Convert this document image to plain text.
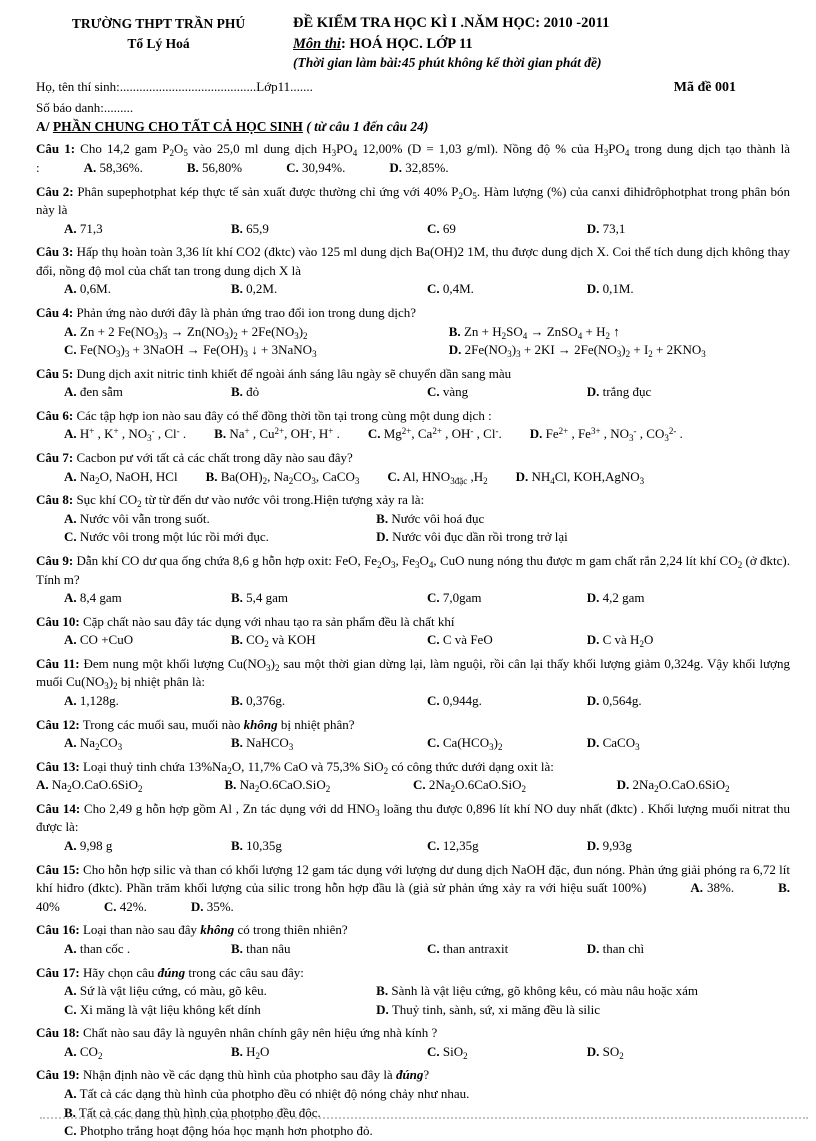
TRƯỜNG THPT TRẦN PHÚ
Tổ Lý Hoá
ĐỀ KIỂM TRA HỌC KÌ I .NĂM HỌC: 2010 -2011
Môn thi: HOÁ HỌC. LỚP 11
(Thời gian làm bài:45 phút không kể thời gian phát đề)
Họ, tên thí sinh:..........................................Lớp11.......	Mã đề 001
Số báo danh:.........
A/ PHẦN CHUNG CHO TẤT CẢ HỌC SINH ( từ câu 1 đến câu 24)
Câu 1: Cho 14,2 gam $P_2O_5$ vào 25,0 ml dung dịch $H_3PO_4$ 12,00% (D = 1,03 g/ml). Nồng độ % của $H_3PO_4$ trong dung dịch tạo thành là :	A. 58,36%.	B. 56,80%	C. 30,94%.	D. 32,85%.
Câu 2: Phân supephotphat kép thực tế sản xuất được thường chỉ ứng với 40% $P_2O_5$. Hàm lượng (%) của canxi đihiđrôphotphat trong phân bón này là
A. 71,3	B. 65,9	C. 69	D. 73,1
Câu 3: Hấp thụ hoàn toàn 3,36 lít khí CO2 (đktc) vào 125 ml dung dịch Ba(OH)2 1M, thu được dung dịch X. Coi thể tích dung dịch không thay đổi, nồng độ mol của chất tan trong dung dịch X là
A. 0,6M.	B. 0,2M.	C. 0,4M.	D. 0,1M.
Câu 4: Phản ứng nào dưới đây là phản ứng trao đổi ion trong dung dịch?
A. Zn + 2 $Fe(NO_3)_3 \to Zn(NO_3)_2 + 2Fe(NO_3)_2$	B. $Zn + H_2SO_4$ → ZnSO$_4$ + $H_2$ ↑
C. $Fe(NO_3)_3$ + 3NaOH → $Fe(OH)_3$ ↓ + 3NaNO$_3$	D. $2Fe(NO_3)_3 + 2KI \to 2Fe(NO_3)_2 + I_2 + 2KNO_3$
Câu 5: Dung dịch axit nitric tinh khiết để ngoài ánh sáng lâu ngày sẽ chuyển dần sang màu
A. đen sẫm	B. đỏ	C. vàng	D. trắng đục
Câu 6: Các tập hợp ion nào sau đây có thể đồng thời tồn tại trong cùng một dung dịch :
A. H+ , K+ , $NO_3^-$ , Cl- . B. Na+ , $Cu^{2+}$, OH-, H+ . C. $Mg^{2+}$, $Ca^{2+}$ , OH- , Cl-. D. $Fe^{2+}$ , $Fe^{3+}$ , $NO_3^-$ , $CO_3^{2-}$ .
Câu 7: Cacbon pư với tất cả các chất trong dãy nào sau đây?
A. $Na_2O$, NaOH, HCl B. $Ba(OH)_2$, $Na_2CO_3$, CaCO$_3$ C. Al, $HNO_{3đặc}$ $,H_2$ D. $NH_4Cl$, KOH,AgNO$_3$
Câu 8: Sục khí $CO_2$ từ từ đến dư vào nước vôi trong.Hiện tượng xảy ra là:
A. Nước vôi vẫn trong suốt.	B. Nước vôi hoá đục
C. Nước vôi trong một lúc rồi mới đục.	D. Nước vôi đục dần rồi trong trở lại
Câu 9: Dẫn khí CO dư qua ống chứa 8,6 g hỗn hợp oxit: FeO, $Fe_2O_3$, $Fe_3O_4$, CuO nung nóng thu được m gam chất rắn 2,24 lít khí $CO_2$ (ở đktc). Tính m?
A. 8,4 gam	B. 5,4 gam	C. 7,0gam	D. 4,2 gam
Câu 10: Cặp chất nào sau đây tác dụng với nhau tạo ra sản phẩm đều là chất khí
A. CO +CuO	B. $CO_2$ và KOH	C. C và FeO	D. C và $H_2O$
Câu 11: Đem nung một khối lượng $Cu(NO_3)_2$ sau một thời gian dừng lại, làm nguội, rồi cân lại thấy khối lượng giảm 0,324g. Vậy khối lượng muối $Cu(NO_3)_2$ bị nhiệt phân là:
A. 1,128g.	B. 0,376g.	C. 0,944g.	D. 0,564g.
Câu 12: Trong các muối sau, muối nào không bị nhiệt phân?
A. $Na_2CO_3$	B. NaHCO$_3$	C. $Ca(HCO_3)_2$	D. CaCO$_3$
Câu 13: Loại thuỷ tinh chứa $13\%Na_2O$, 11,7% CaO và 75,3% SiO$_2$ có công thức dưới dạng oxit là:
A. $Na_2O.CaO.6SiO_2$	B. $Na_2O.6CaO.SiO_2$	C. $2Na_2O.6CaO.SiO_2$	D. $2Na_2O.CaO.6SiO_2$
Câu 14: Cho 2,49 g hỗn hợp gồm Al , Zn tác dụng với dd $HNO_3$ loãng thu được 0,896 lít khí NO duy nhất (đktc) . Khối lượng muối nitrat thu được là:
A. 9,98 g	B. 10,35g	C. 12,35g	D. 9,93g
Câu 15: Cho hỗn hợp silic và than có khối lượng 12 gam tác dụng với lượng dư dung dịch NaOH đặc, đun nóng. Phản ứng giải phóng ra 6,72 lít khí hiđro (đktc). Phần trăm khối lượng của silic trong hỗn hợp đầu là (giả sử phản ứng xảy ra với hiệu suất 100%)	A. 38%.	B. 40%	C. 42%.	D. 35%.
Câu 16: Loại than nào sau đây không có trong thiên nhiên?
A. than cốc .	B. than nâu	C. than antraxit	D. than chì
Câu 17: Hãy chọn câu đúng trong các câu sau đây:
A. Sứ là vật liệu cứng, có màu, gõ kêu.	B. Sành là vật liệu cứng, gõ không kêu, có màu nâu hoặc xám
C. Xi măng là vật liệu không kết dính	D. Thuỷ tinh, sành, sứ, xi măng đều là silic
Câu 18: Chất nào sau đây là nguyên nhân chính gây nên hiệu ứng nhà kính ?
A. $CO_2$	B. $H_2O$	C. SiO$_2$	D. $SO_2$
Câu 19: Nhận định nào về các dạng thù hình của photpho sau đây là đúng?
A. Tất cả các dạng thù hình của photpho đều có nhiệt độ nóng chảy như nhau.
B. Tất cả các dạng thù hình của photpho đều độc.
C. Photpho trắng hoạt động hóa học mạnh hơn photpho đỏ.
